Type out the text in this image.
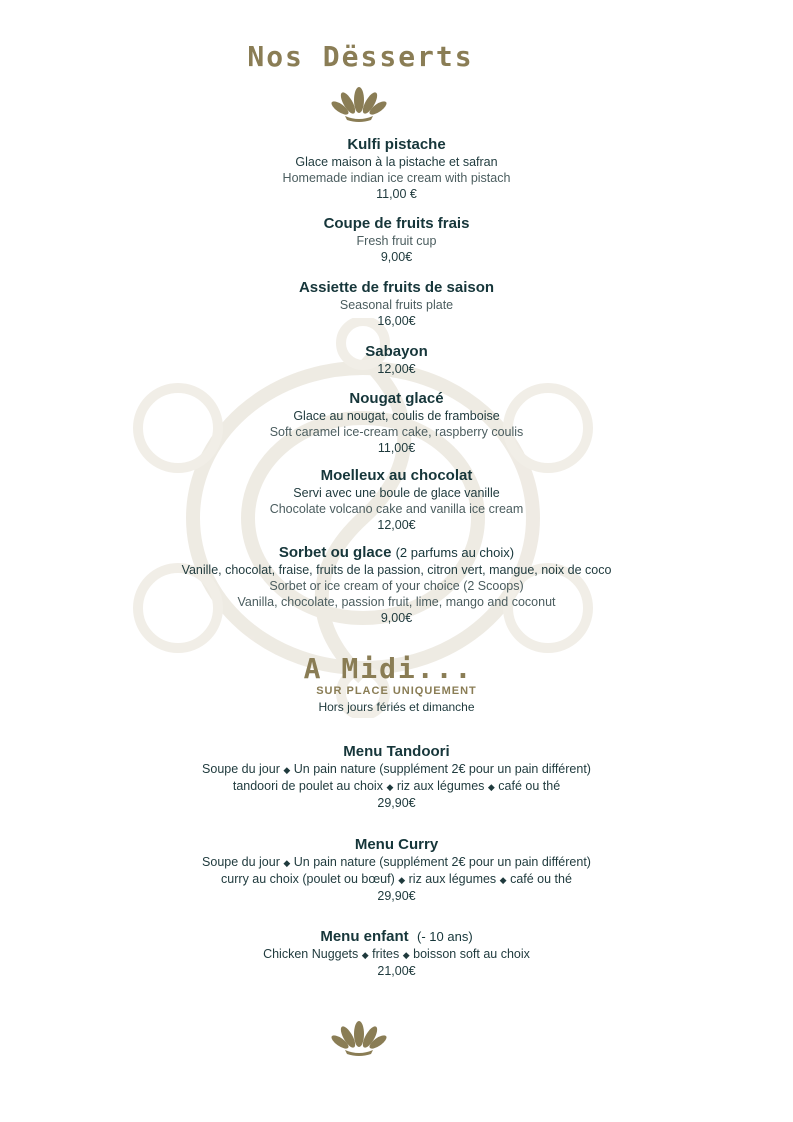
Nos Dësserts
Kulfi pistache
Glace maison à la pistache et safran
Homemade indian ice cream with pistach
11,00 €
Coupe de fruits frais
Fresh fruit cup
9,00€
Assiette de fruits de saison
Seasonal fruits plate
16,00€
Sabayon
12,00€
Nougat glacé
Glace au nougat, coulis de framboise
Soft caramel ice-cream cake, raspberry coulis
11,00€
Moelleux au chocolat
Servi avec une boule de glace vanille
Chocolate volcano cake and vanilla ice cream
12,00€
Sorbet ou glace (2 parfums au choix)
Vanille, chocolat, fraise, fruits de la passion, citron vert, mangue, noix de coco
Sorbet or ice cream of your choice (2 Scoops)
Vanilla, chocolate, passion fruit, lime, mango and coconut
9,00€
A Midi...
SUR PLACE UNIQUEMENT
Hors jours fériés et dimanche
Menu Tandoori
Soupe du jour ◆ Un pain nature (supplément 2€ pour un pain différent)
tandoori de poulet au choix ◆ riz aux légumes ◆ café ou thé
29,90€
Menu Curry
Soupe du jour ◆ Un pain nature (supplément 2€ pour un pain différent)
curry au choix (poulet ou bœuf) ◆ riz aux légumes ◆ café ou thé
29,90€
Menu enfant (- 10 ans)
Chicken Nuggets ◆ frites ◆ boisson soft au choix
21,00€
